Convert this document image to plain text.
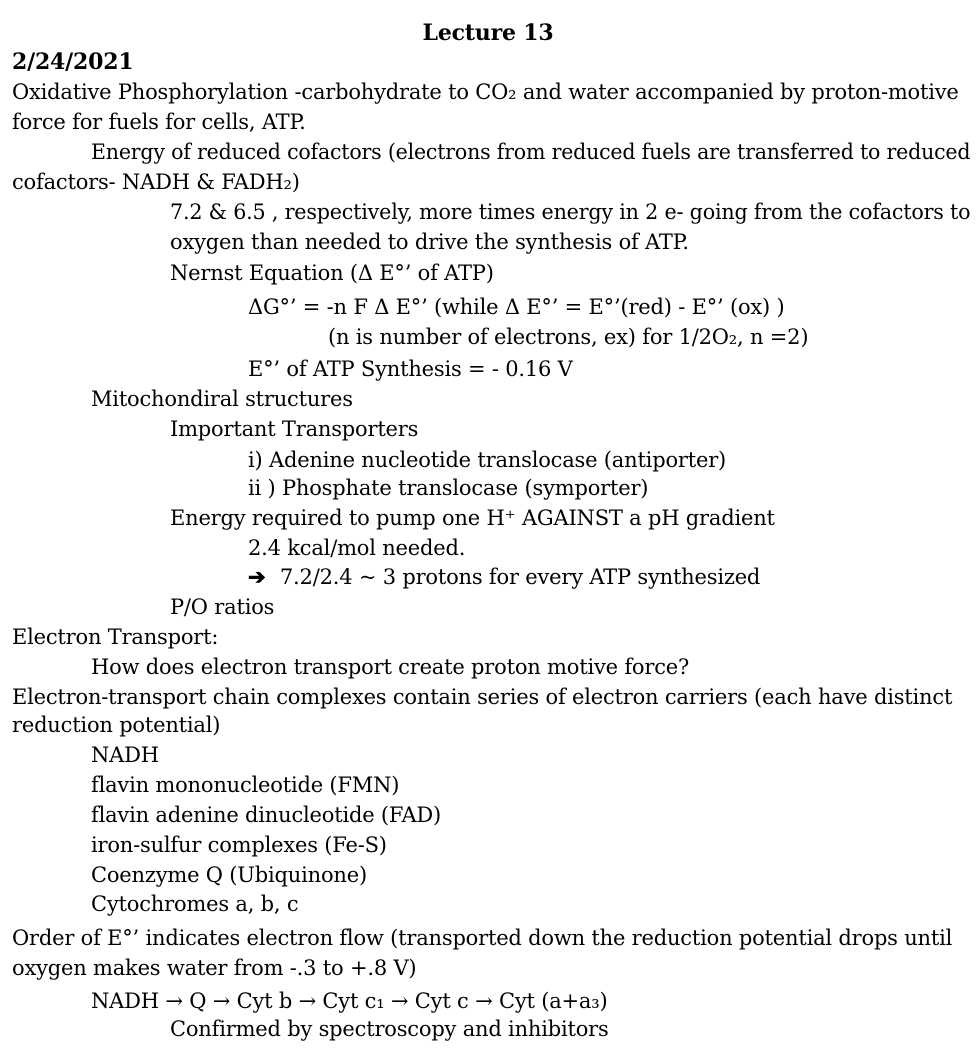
Lecture 13
2/24/2021
Oxidative Phosphorylation -carbohydrate to CO₂ and water accompanied by proton-motive
force for fuels for cells, ATP.
Energy of reduced cofactors (electrons from reduced fuels are transferred to reduced
cofactors- NADH & FADH₂)
7.2 & 6.5 , respectively, more times energy in 2 e- going from the cofactors to
oxygen than needed to drive the synthesis of ATP.
Nernst Equation (Δ E°’ of ATP)
ΔG°’ = -n F Δ E°’ (while Δ E°’ = E°’(red) - E°’ (ox) )
(n is number of electrons, ex) for 1/2O₂, n =2)
E°’ of ATP Synthesis = - 0.16 V
Mitochondiral structures
Important Transporters
i) Adenine nucleotide translocase (antiporter)
ii ) Phosphate translocase (symporter)
Energy required to pump one H⁺ AGAINST a pH gradient
2.4 kcal/mol needed.
➔ 7.2/2.4 ~ 3 protons for every ATP synthesized
P/O ratios
Electron Transport:
How does electron transport create proton motive force?
Electron-transport chain complexes contain series of electron carriers (each have distinct
reduction potential)
NADH
flavin mononucleotide (FMN)
flavin adenine dinucleotide (FAD)
iron-sulfur complexes (Fe-S)
Coenzyme Q (Ubiquinone)
Cytochromes a, b, c
Order of E°’ indicates electron flow (transported down the reduction potential drops until
oxygen makes water from -.3 to +.8 V)
NADH → Q → Cyt b → Cyt c₁ → Cyt c → Cyt (a+a₃)
Confirmed by spectroscopy and inhibitors
